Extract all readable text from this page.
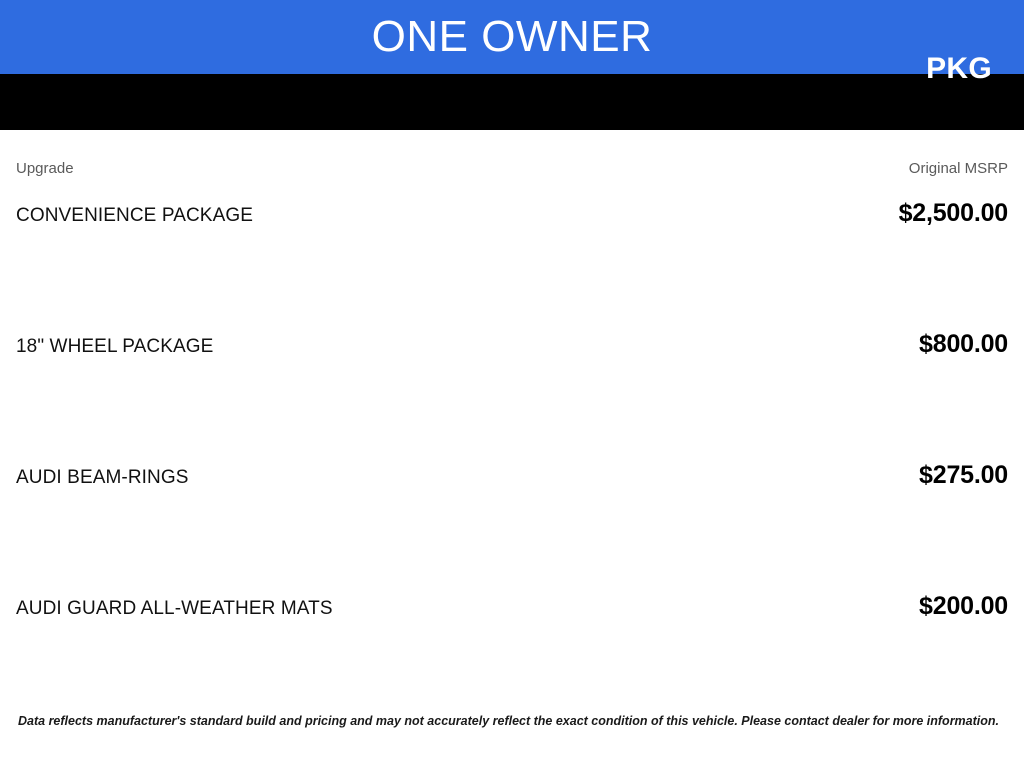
ONE OWNER
PKG
Upgrade	Original MSRP
CONVENIENCE PACKAGE	$2,500.00
18" WHEEL PACKAGE	$800.00
AUDI BEAM-RINGS	$275.00
AUDI GUARD ALL-WEATHER MATS	$200.00
Data reflects manufacturer's standard build and pricing and may not accurately reflect the exact condition of this vehicle. Please contact dealer for more information.
